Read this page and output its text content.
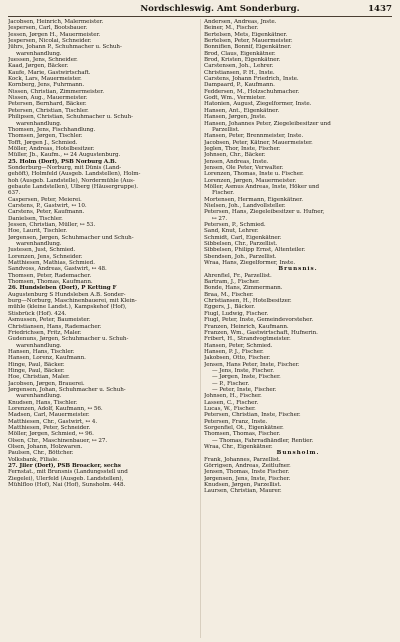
Nordschleswig. Amt Sonderburg.	1437
Jacobsen, Heinrich, Malermeister.
Jespersen, Carl, Bootsbauer.
Jessen, Jørgen H., Mauermeister.
Jespersen, Nicolai, Schneider.
Jührs, Johann P., Schuhmacher u. Schuh-
warenhandlung.
Juessen, Jens, Schneider.
Kaad, Jørgen, Bäcker.
Kaufe, Marie, Gastwirtschaft.
Kock, Lars, Mauermeister.
Kornberg, Jens, Fuhrmann.
Nissen, Christian, Zimmermeister.
Nissen, Aug., Mauermeister.
Petersen, Bernhard, Bäcker.
Petersen, Christian, Tischler.
Philipsen, Christian, Schuhmacher u. Schuh-
warenhandlung.
Thomsen, Jens, Fischhandlung.
Thomsen, Jørgen, Tischler.
Tofft, Jørgen J., Schmied.
Möller, Andreas, Hotelbesitzer.
Müller, Jb., Kaufm., ↦ 24 Augustenburg.
25. Holm (Dorf), PSB Norburg A.B.
Sonderburg—Norburg, mit Dünis (Land-
gehöft), Holmfeld (Ausgeb. Landstellen), Holm-
hoh (Ausgeb. Landstelle), Nordermühle (Aus-
gebaute Landstellen), Ulberg (Häusergruppe).
637.
Caspersen, Peter, Meierei.
Carstens, P., Gastwirt, ↦ 10.
Carstens, Peter, Kaufmann.
Danielsen, Tischler.
Jessen, Christian, Müller, ↦ 53.
Hoe, Laurit, Tischler.
Jørgensen, Jørgen, Schuhmacher und Schuh-
warenhandlung.
Justesen, Just, Schmied.
Lorenzen, Jens, Schneider.
Matthiesen, Mathias, Schmied.
Sandvoss, Andreas, Gastwirt, ↦ 48.
Thomsen, Peter, Rademacher.
Thomsen, Thomas, Kaufmann.
26. Hundsleben (Dorf), P Ketting F
Augustenburg S Hundsleben A.B. Sonder-
burg—Norburg, Maschinenbauerei, mit Klein-
mühle (kleine Landst.), Kampskehof (Hof),
Stisbrück (Hof). 424.
Asmussen, Peter, Baumeister.
Christiansen, Hans, Rademacher.
Friedrichsen, Fritz, Maler.
Gudenuns, Jørgen, Schuhmacher u. Schuh-
warenhandlung.
Hansen, Hans, Tischler.
Hansen, Lorenz, Kaufmann.
Hinge, Paul, Bäcker.
Hinge, Paul, Bäcker.
Hoe, Christian, Maler.
Jacobsen, Jørgen, Brauerei.
Jørgensen, Johan, Schuhmacher u. Schuh-
warenhandlung.
Knudsen, Hans, Tischler.
Lorenzen, Adolf, Kaufmann, ↦ 56.
Madsen, Carl, Mauermeister.
Matthiesen, Chr., Gastwirt, ↦ 4.
Matthiesen, Peter, Schneider.
Möller, Jørgen, Schmied, ↦ 96.
Olsen, Chr., Maschinenbauer, ↦ 27.
Olsen, Johann, Holzwaren.
Paulsen, Chr., Böttcher.
Volksbank, Filiale.
27. Jller (Dorf), PSB Broacker, sechs
Fernstat., mit Brunsnis (Landungsstell und
Ziegelei), Ulerfeld (Ausgeb. Landstellen),
Mühlfloo (Hof), Nai (Hof), Sunsholm. 448.
Andersen, Andreas, Jnste.
Beiner, M., Fischer.
Bertelsen, Mets, Eigenkätner.
Bertelsen, Peter, Mauermeister.
Bonnifien, Bonnif, Eigenkätner.
Brod, Claus, Eigenkätner.
Brod, Kristen, Eigenkätner.
Carstensen, Joh., Lehrer.
Christiansen, P. H., Inste.
Carstens, Johann Friedrich, Inste.
Dampaard, P., Kaufmann.
Feddersen, M., Holzschuhmacher.
Godt, Wm., Vermieter.
Hatonien, August, Ziegelformer, Inste.
Hansen, Ant., Eigenkätner.
Hansen, Jørgen, Jnste.
Hansen, Johannes Peter, Ziegeleibesitzer und
Parzellist.
Hansen, Peter, Brennmeister, Inste.
Jacobsen, Peter, Kätner, Mauermeister.
Jeglen, Thor, Inste, Fischer.
Johnsen, Chr., Bäcker.
Jensen, Andreas, Inste.
Jensen, Ole Peter, Verwalter.
Lorenzen, Thomas, Inste u. Fischer.
Lorenzen, Jørgen, Mauermeister.
Möller, Asmus Andreas, Inste, Höker und
Fischer.
Mortensen, Hermann, Eigenkätner.
Nielsen, Joh., Landvollsteller.
Petersen, Hans, Ziegeleibesitzer u. Hufner,
↦ 27.
Petersen, P., Schmied.
Sand, Knut, Lehrer.
Schmidt, Carl, Eigenkätner.
Sibbelsen, Chr., Parzellist.
Sibbelsen, Philipp Ernst, Altenteiler.
Sbendsen, Joh., Parzellist.
Wraa, Hans, Ziegelformer, Inste.
Brunsnis.
Ahrenfiel, Fr., Parzellist.
Bartram, J., Fischer.
Bonde, Hans, Zimmermann.
Braa, M., Fischer.
Christiansen, H., Hotelbesitzer.
Eggers, J., Bäcker.
Fiugl, Ludwig, Fischer.
Fiugl, Peter, Inste, Gemeindevorsteher.
Franzen, Heinrich, Kaufmann.
Franzen, Wm., Gastwirtschaft, Hufnerin.
Fribert, H., Strandvogtmeister.
Hansen, Peter, Schmied.
Hansen, P. J., Fischer.
Jakobsen, Otto, Fischer.
Jensen, Hans Peter, Inste, Fischer.
— Jens, Inste, Fischer.
— Jørgen, Inste, Fischer.
— P., Fischer.
— Peter, Inste, Fischer.
Johnsen, H., Fischer.
Lassen, C., Fischer.
Lucas, W., Fischer.
Petersen, Christian, Inste, Fischer.
Petersen, Franz, Inste.
Sorgenfiel, Ot., Eigenkätner.
Thomsen, Thomas, Fischer.
— Thomas, Fahrradhändler, Rentier.
Wraa, Chr., Eigenkätner.
Bunsholm.
Frank, Johannes, Parzellist.
Görrigsen, Andreas, Zeitlufner.
Jensen, Thomas, Inste Fischer.
Jørgensen, Jens, Inste, Fischer.
Knudsen, Jørgen, Parzellist.
Laursen, Christian, Maurer.
